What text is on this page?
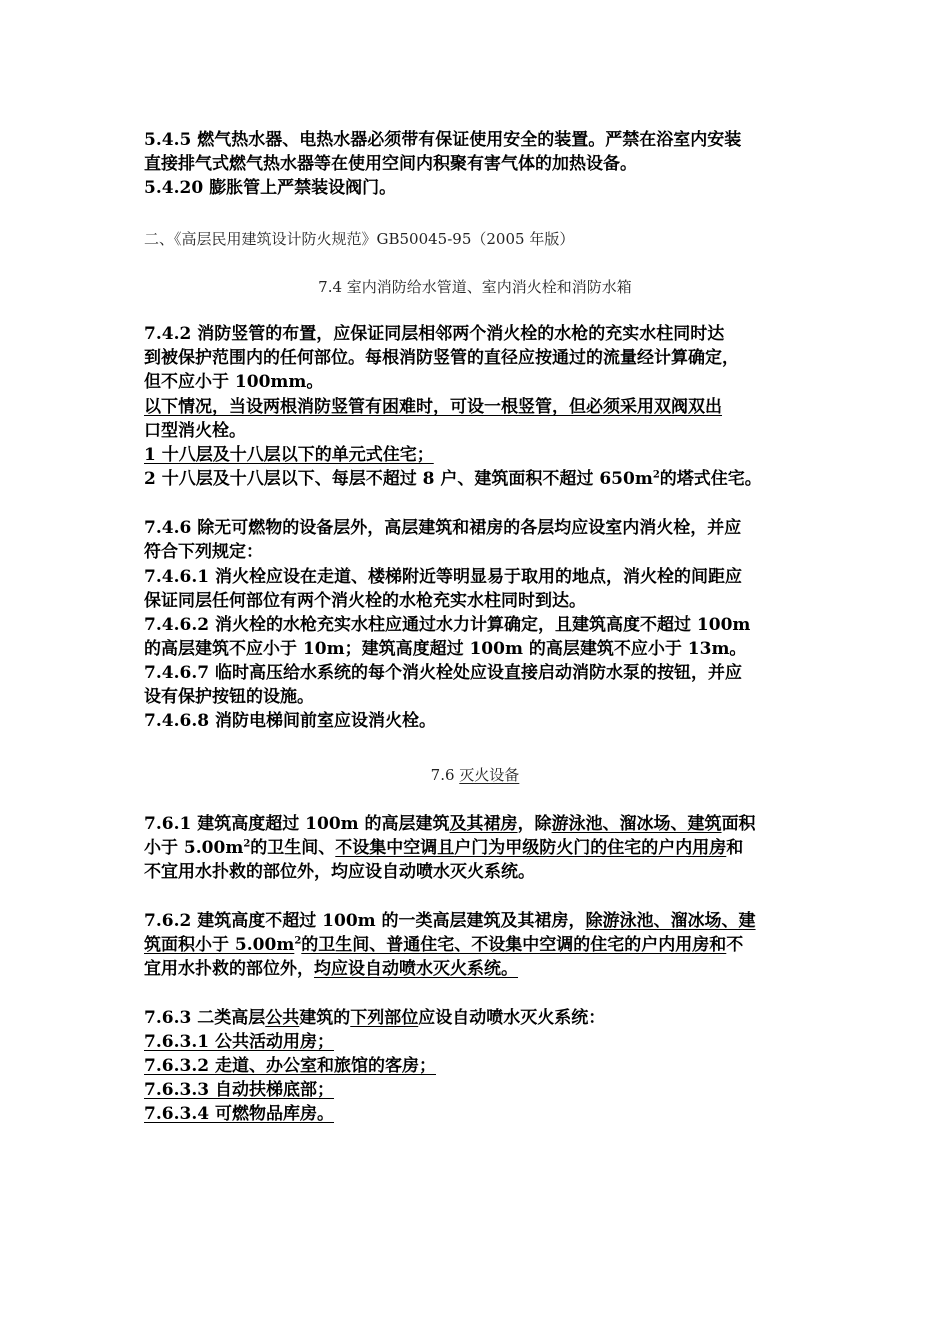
5.4.5 燃气热水器、电热水器必须带有保证使用安全的装置。严禁在浴室内安装
直接排气式燃气热水器等在使用空间内积聚有害气体的加热设备。
5.4.20 膨胀管上严禁装设阀门。
二、《高层民用建筑设计防火规范》GB50045-95（2005 年版）
7.4 室内消防给水管道、室内消火栓和消防水箱
7.4.2 消防竖管的布置，应保证同层相邻两个消火栓的水枪的充实水柱同时达
到被保护范围内的任何部位。每根消防竖管的直径应按通过的流量经计算确定，
但不应小于 100mm。
以下情况，当设两根消防竖管有困难时，可设一根竖管，但必须采用双阀双出
口型消火栓。
1 十八层及十八层以下的单元式住宅；
2 十八层及十八层以下、每层不超过 8 户、建筑面积不超过 $650m^2$的塔式住宅。
7.4.6 除无可燃物的设备层外，高层建筑和裙房的各层均应设室内消火栓，并应
符合下列规定：
7.4.6.1 消火栓应设在走道、楼梯附近等明显易于取用的地点，消火栓的间距应
保证同层任何部位有两个消火栓的水枪充实水柱同时到达。
7.4.6.2 消火栓的水枪充实水柱应通过水力计算确定，且建筑高度不超过 100m
的高层建筑不应小于 10m；建筑高度超过 100m 的高层建筑不应小于 13m。
7.4.6.7 临时高压给水系统的每个消火栓处应设直接启动消防水泵的按钮，并应
设有保护按钮的设施。
7.4.6.8 消防电梯间前室应设消火栓。
7.6 灭火设备
7.6.1 建筑高度超过 100m 的高层建筑及其裙房，除游泳池、溜冰场、建筑面积
小于 $5.00m^2$的卫生间、不设集中空调且户门为甲级防火门的住宅的户内用房和
不宜用水扑救的部位外，均应设自动喷水灭火系统。
7.6.2 建筑高度不超过 100m 的一类高层建筑及其裙房，除游泳池、溜冰场、建
筑面积小于 $5.00m^2$的卫生间、普通住宅、不设集中空调的住宅的户内用房和不
宜用水扑救的部位外，均应设自动喷水灭火系统。
7.6.3 二类高层公共建筑的下列部位应设自动喷水灭火系统：
7.6.3.1 公共活动用房；
7.6.3.2 走道、办公室和旅馆的客房；
7.6.3.3 自动扶梯底部；
7.6.3.4 可燃物品库房。
